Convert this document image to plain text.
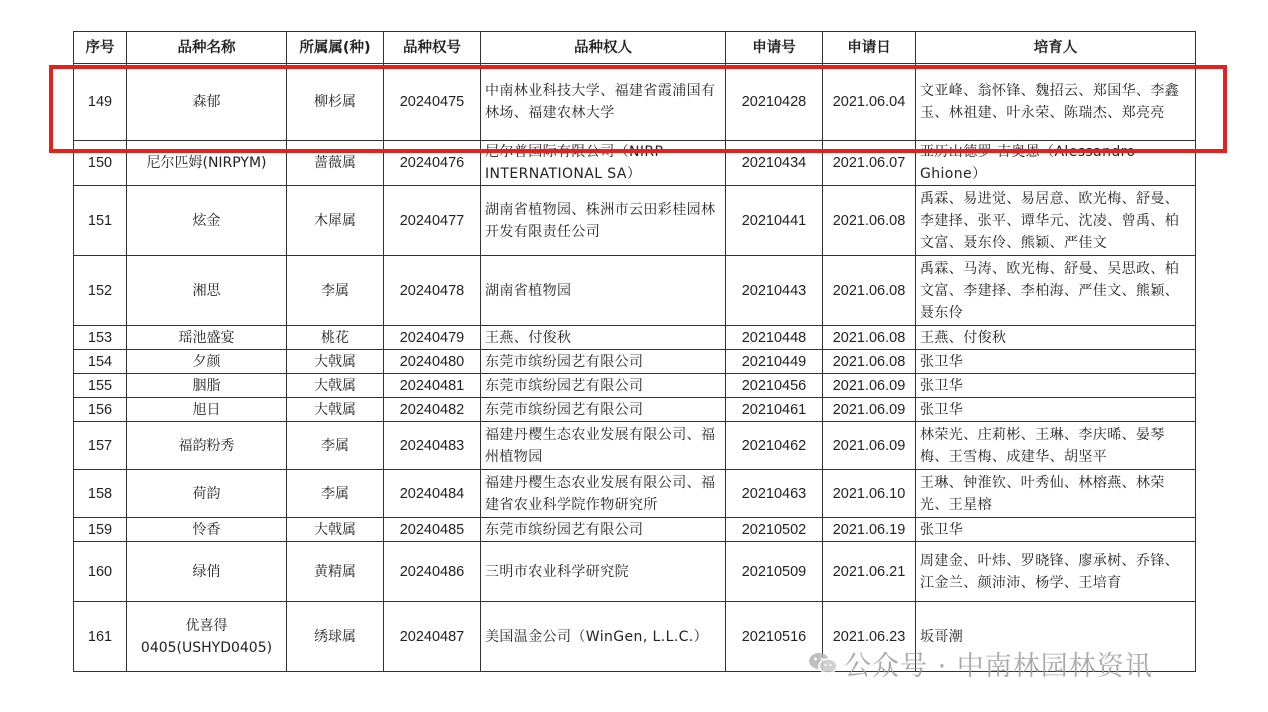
序号	品种名称	所属属(种)	品种权号	品种权人	申请号	申请日	培育人
149	森郁	柳杉属	20240475	中南林业科技大学、福建省霞浦国有林场、福建农林大学	20210428	2021.06.04	文亚峰、翁怀锋、魏招云、郑国华、李鑫玉、林祖建、叶永荣、陈瑞杰、郑亮亮
150	尼尔匹姆(NIRPYM)	蔷薇属	20240476	尼尔普国际有限公司（NIRP INTERNATIONAL SA）	20210434	2021.06.07	亚历山德罗·吉奥恩（Alessandro Ghione）
151	炫金	木犀属	20240477	湖南省植物园、株洲市云田彩桂园林开发有限责任公司	20210441	2021.06.08	禹霖、易进觉、易居意、欧光梅、舒曼、李建择、张平、谭华元、沈凌、曾禹、柏文富、聂东伶、熊颖、严佳文
152	湘思	李属	20240478	湖南省植物园	20210443	2021.06.08	禹霖、马涛、欧光梅、舒曼、吴思政、柏文富、李建择、李柏海、严佳文、熊颖、聂东伶
153	瑶池盛宴	桃花	20240479	王燕、付俊秋	20210448	2021.06.08	王燕、付俊秋
154	夕颜	大戟属	20240480	东莞市缤纷园艺有限公司	20210449	2021.06.08	张卫华
155	胭脂	大戟属	20240481	东莞市缤纷园艺有限公司	20210456	2021.06.09	张卫华
156	旭日	大戟属	20240482	东莞市缤纷园艺有限公司	20210461	2021.06.09	张卫华
157	福韵粉秀	李属	20240483	福建丹樱生态农业发展有限公司、福州植物园	20210462	2021.06.09	林荣光、庄莉彬、王琳、李庆晞、晏琴梅、王雪梅、成建华、胡坚平
158	荷韵	李属	20240484	福建丹樱生态农业发展有限公司、福建省农业科学院作物研究所	20210463	2021.06.10	王琳、钟淮钦、叶秀仙、林榕燕、林荣光、王星榕
159	怜香	大戟属	20240485	东莞市缤纷园艺有限公司	20210502	2021.06.19	张卫华
160	绿俏	黄精属	20240486	三明市农业科学研究院	20210509	2021.06.21	周建金、叶炜、罗晓锋、廖承树、乔锋、江金兰、颜沛沛、杨学、王培育
161	优喜得0405(USHYD0405)	绣球属	20240487	美国温金公司（WinGen, L.L.C.）	20210516	2021.06.23	坂哥潮
公众号 · 中南林园林资讯
